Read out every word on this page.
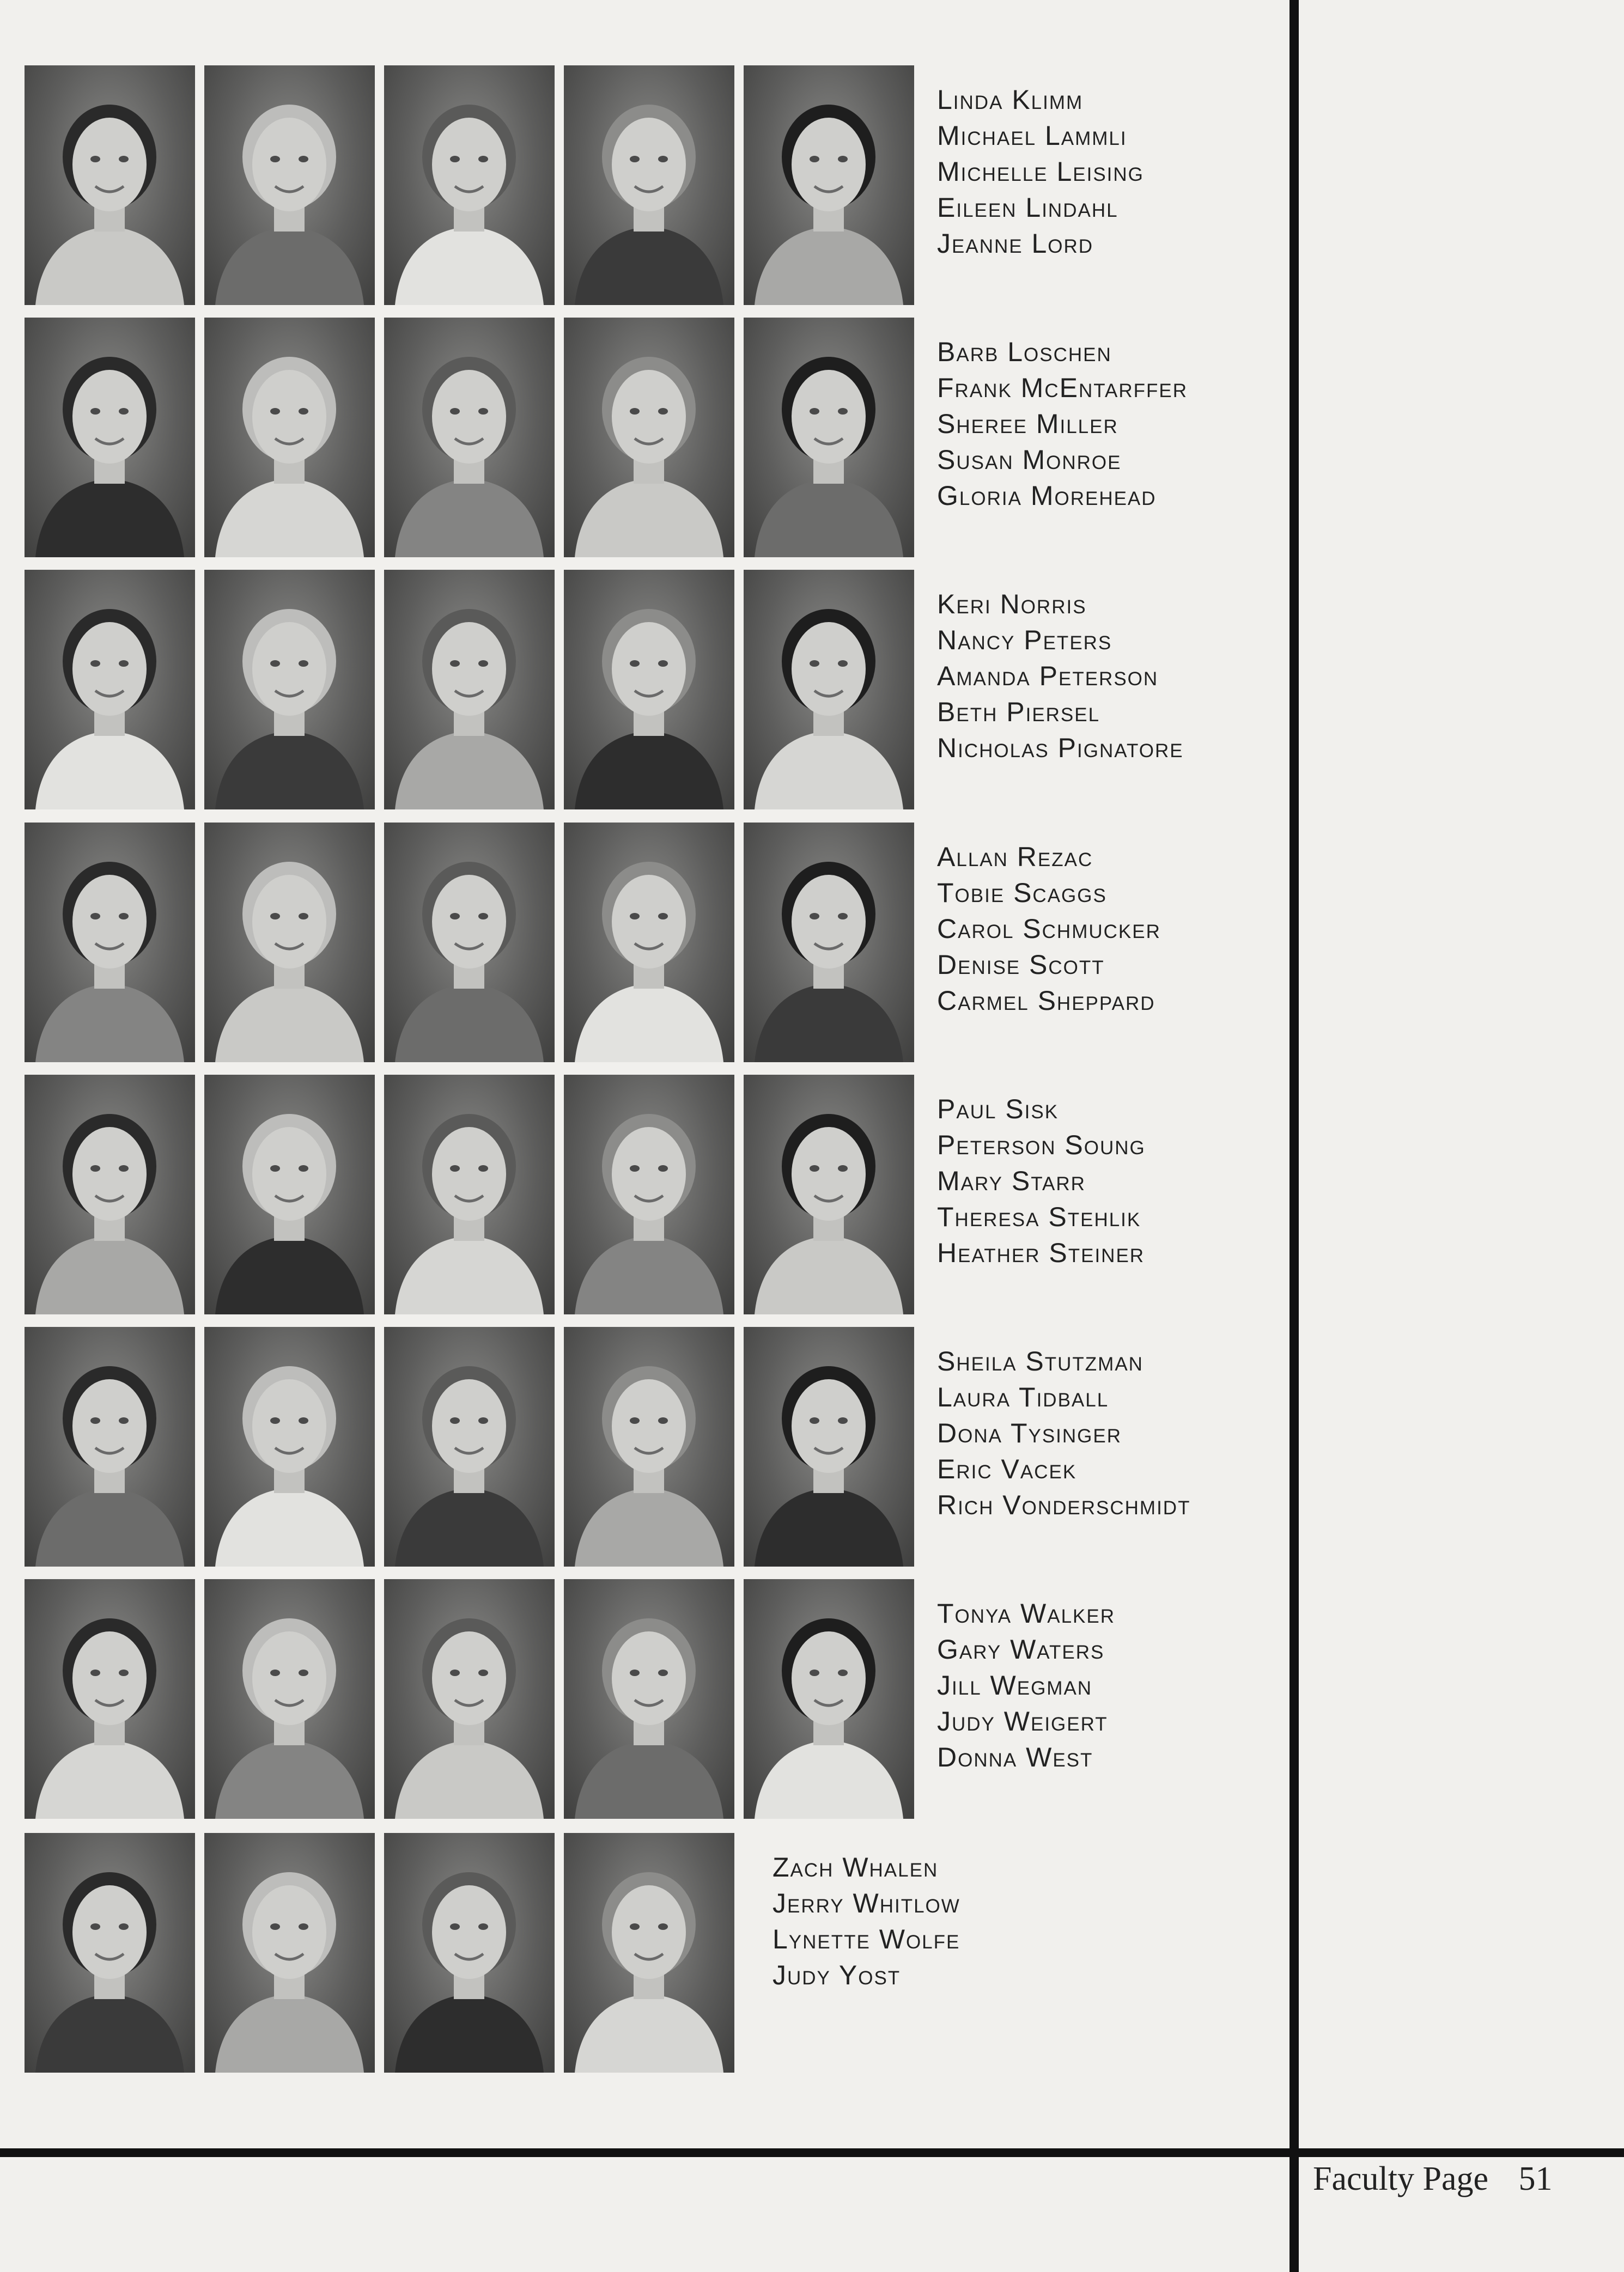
Linda Klimm
Michael Lammli
Michelle Leising
Eileen Lindahl
Jeanne Lord
Barb Loschen
Frank McEntarffer
Sheree Miller
Susan Monroe
Gloria Morehead
Keri Norris
Nancy Peters
Amanda Peterson
Beth Piersel
Nicholas Pignatore
Allan Rezac
Tobie Scaggs
Carol Schmucker
Denise Scott
Carmel Sheppard
Paul Sisk
Peterson Soung
Mary Starr
Theresa Stehlik
Heather Steiner
Sheila Stutzman
Laura Tidball
Dona Tysinger
Eric Vacek
Rich Vonderschmidt
Tonya Walker
Gary Waters
Jill Wegman
Judy Weigert
Donna West
Zach Whalen
Jerry Whitlow
Lynette Wolfe
Judy Yost
Faculty Page 51
